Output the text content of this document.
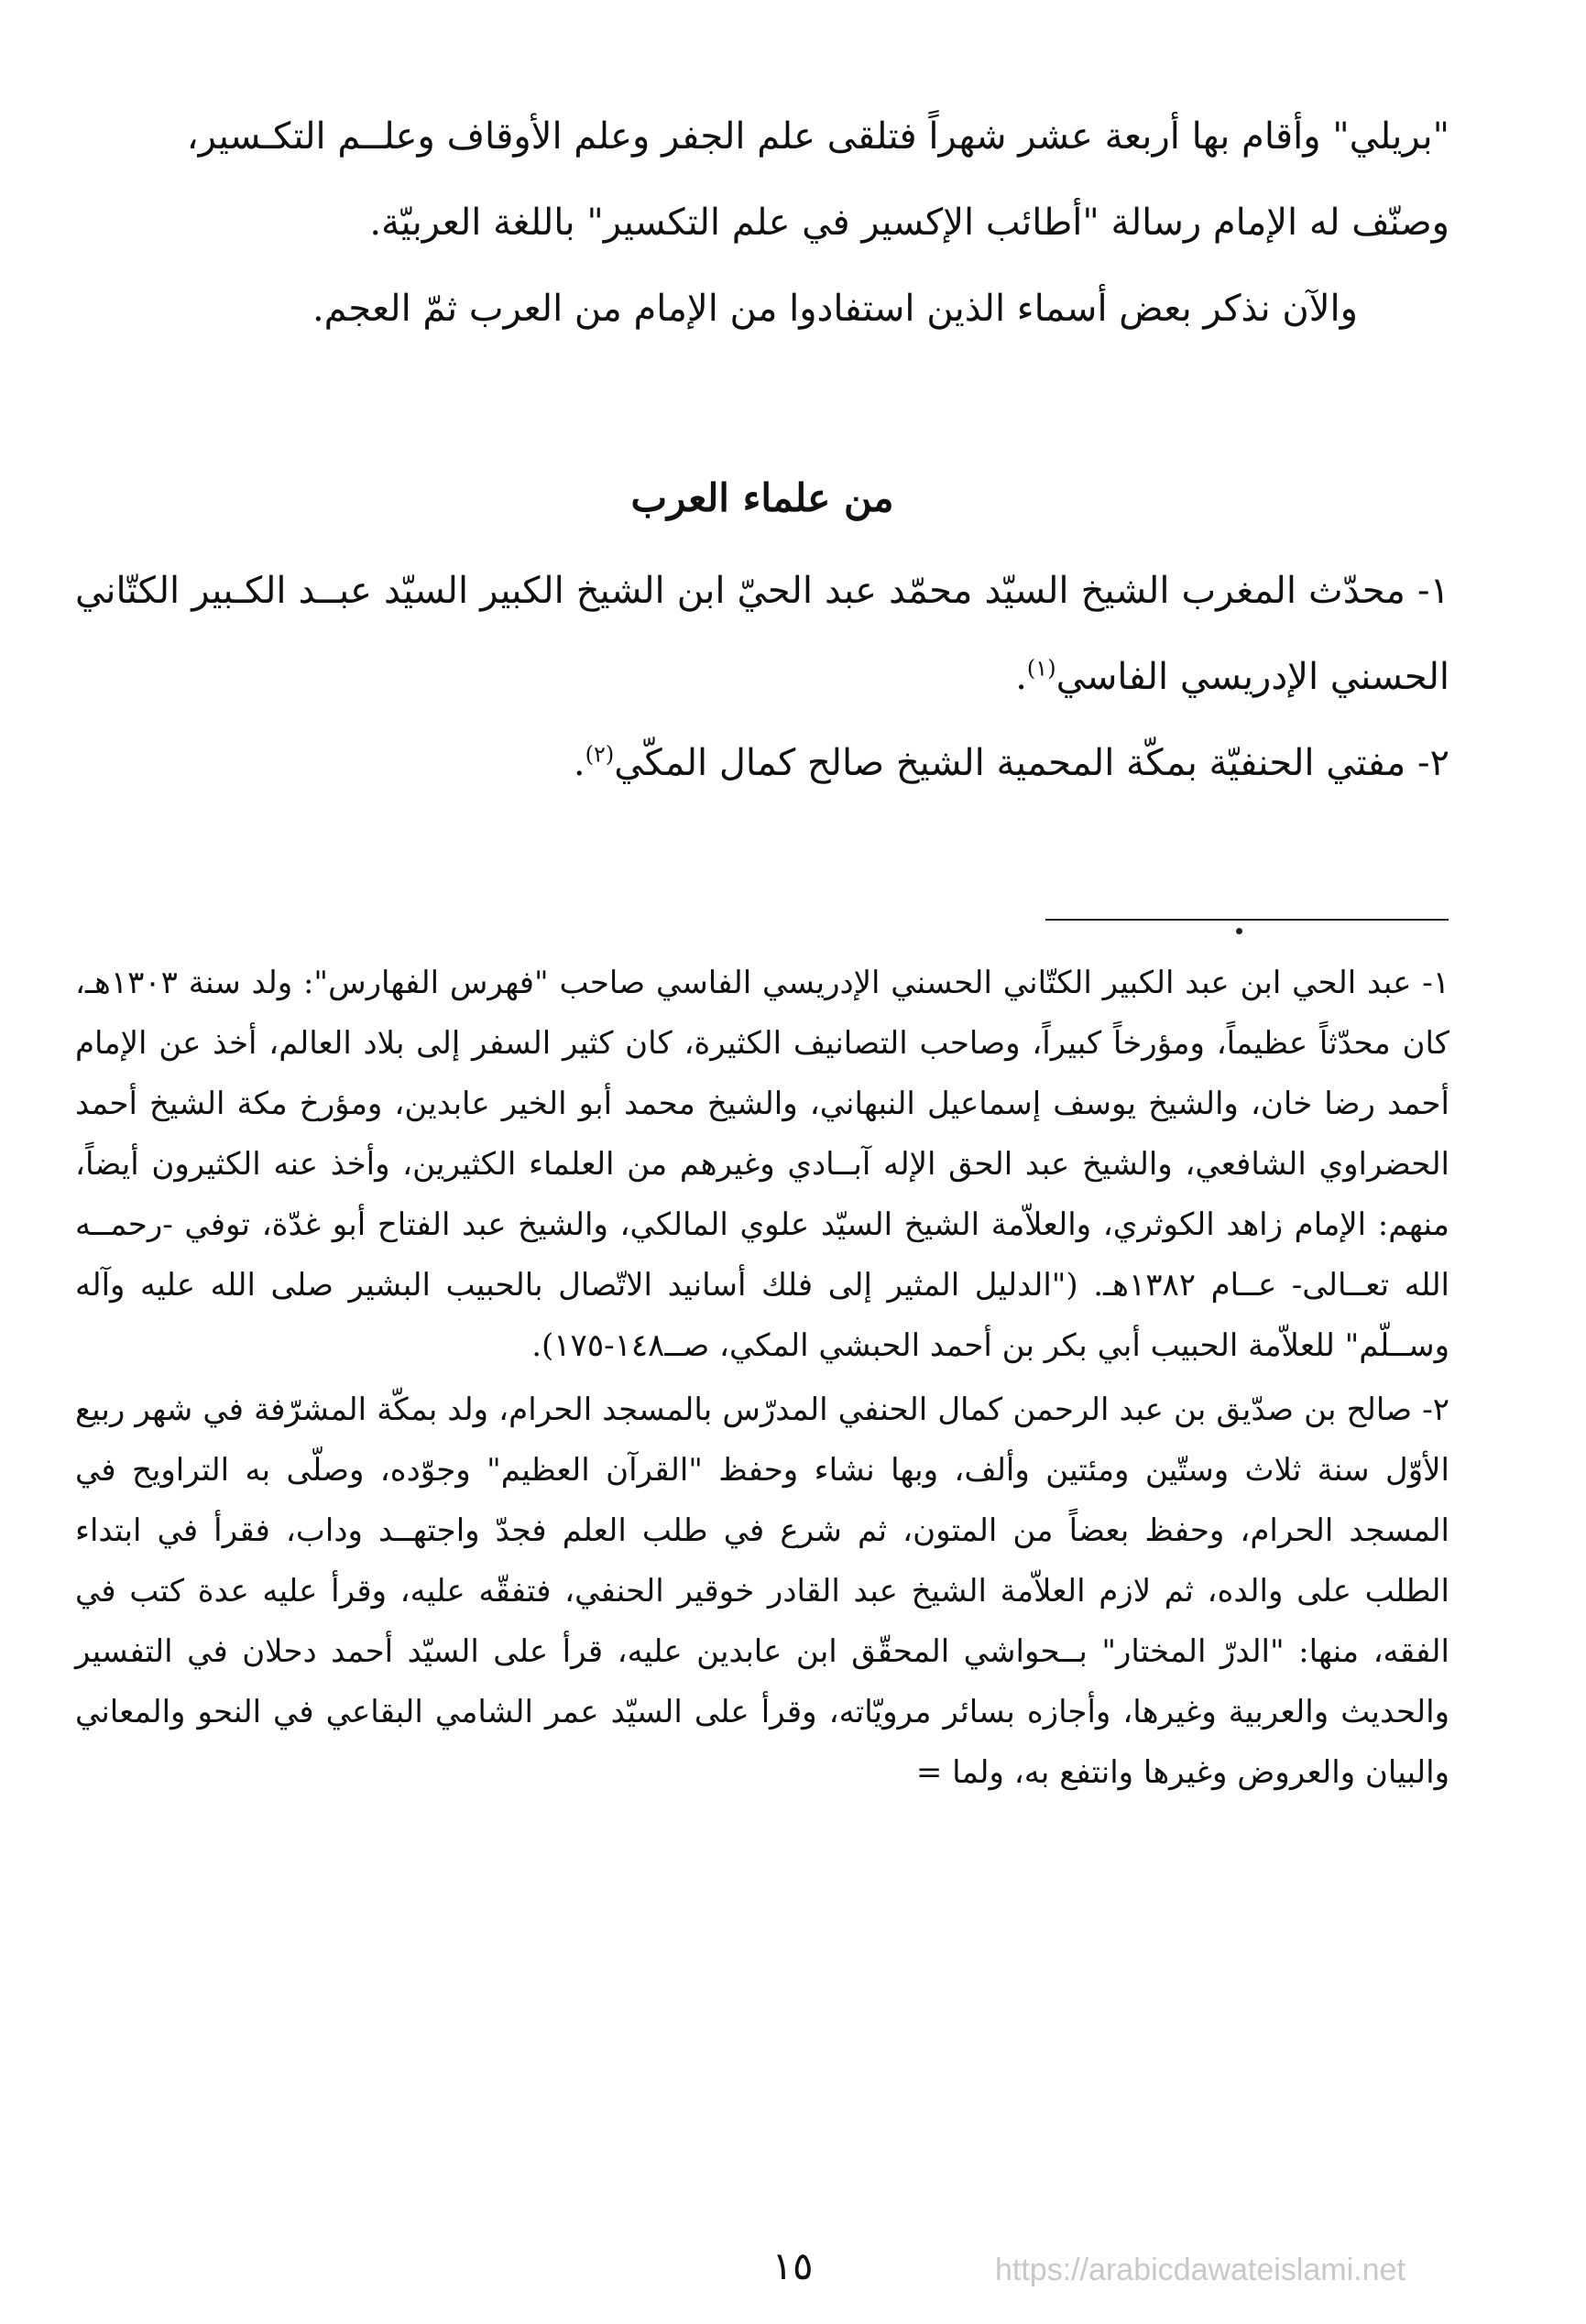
"بريلي" وأقام بها أربعة عشر شهراً فتلقى علم الجفر وعلم الأوقاف وعلــم التكـسير،

وصنّف له الإمام رسالة "أطائب الإكسير في علم التكسير" باللغة العربيّة.

والآن نذكر بعض أسماء الذين استفادوا من الإمام من العرب ثمّ العجم.

من علماء العرب
١- محدّث المغرب الشيخ السيّد محمّد عبد الحيّ ابن الشيخ الكبير السيّد عبــد الكـبير الكتّاني الحسني الإدريسي الفاسي$^{(١)}$.
٢- مفتي الحنفيّة بمكّة المحمية الشيخ صالح كمال المكّي$^{(٢)}$.
١- عبد الحي ابن عبد الكبير الكتّاني الحسني الإدريسي الفاسي صاحب "فهرس الفهارس": ولد سنة ١٣٠٣هـ، كان محدّثاً عظيماً، ومؤرخاً كبيراً، وصاحب التصانيف الكثيرة، كان كثير السفر إلى بلاد العالم، أخذ عن الإمام أحمد رضا خان، والشيخ يوسف إسماعيل النبهاني، والشيخ محمد أبو الخير عابدين، ومؤرخ مكة الشيخ أحمد الحضراوي الشافعي، والشيخ عبد الحق الإله آبــادي وغيرهم من العلماء الكثيرين، وأخذ عنه الكثيرون أيضاً، منهم: الإمام زاهد الكوثري، والعلاّمة الشيخ السيّد علوي المالكي، والشيخ عبد الفتاح أبو غدّة، توفي -رحمــه الله تعــالى- عــام ١٣٨٢هـ. ("الدليل المثير إلى فلك أسانيد الاتّصال بالحبيب البشير صلى الله عليه وآله وســلّم" للعلاّمة الحبيب أبي بكر بن أحمد الحبشي المكي، صــ١٤٨-١٧٥).
٢- صالح بن صدّيق بن عبد الرحمن كمال الحنفي المدرّس بالمسجد الحرام، ولد بمكّة المشرّفة في شهر ربيع الأوّل سنة ثلاث وستّين ومئتين وألف، وبها نشاء وحفظ "القرآن العظيم" وجوّده، وصلّى به التراويح في المسجد الحرام، وحفظ بعضاً من المتون، ثم شرع في طلب العلم فجدّ واجتهــد وداب، فقرأ في ابتداء الطلب على والده، ثم لازم العلاّمة الشيخ عبد القادر خوقير الحنفي، فتفقّه عليه، وقرأ عليه عدة كتب في الفقه، منها: "الدرّ المختار" بــحواشي المحقّق ابن عابدين عليه، قرأ على السيّد أحمد دحلان في التفسير والحديث والعربية وغيرها، وأجازه بسائر مرويّاته، وقرأ على السيّد عمر الشامي البقاعي في النحو والمعاني والبيان والعروض وغيرها وانتفع به، ولما =
١٥	https://arabicdawateislami.net
